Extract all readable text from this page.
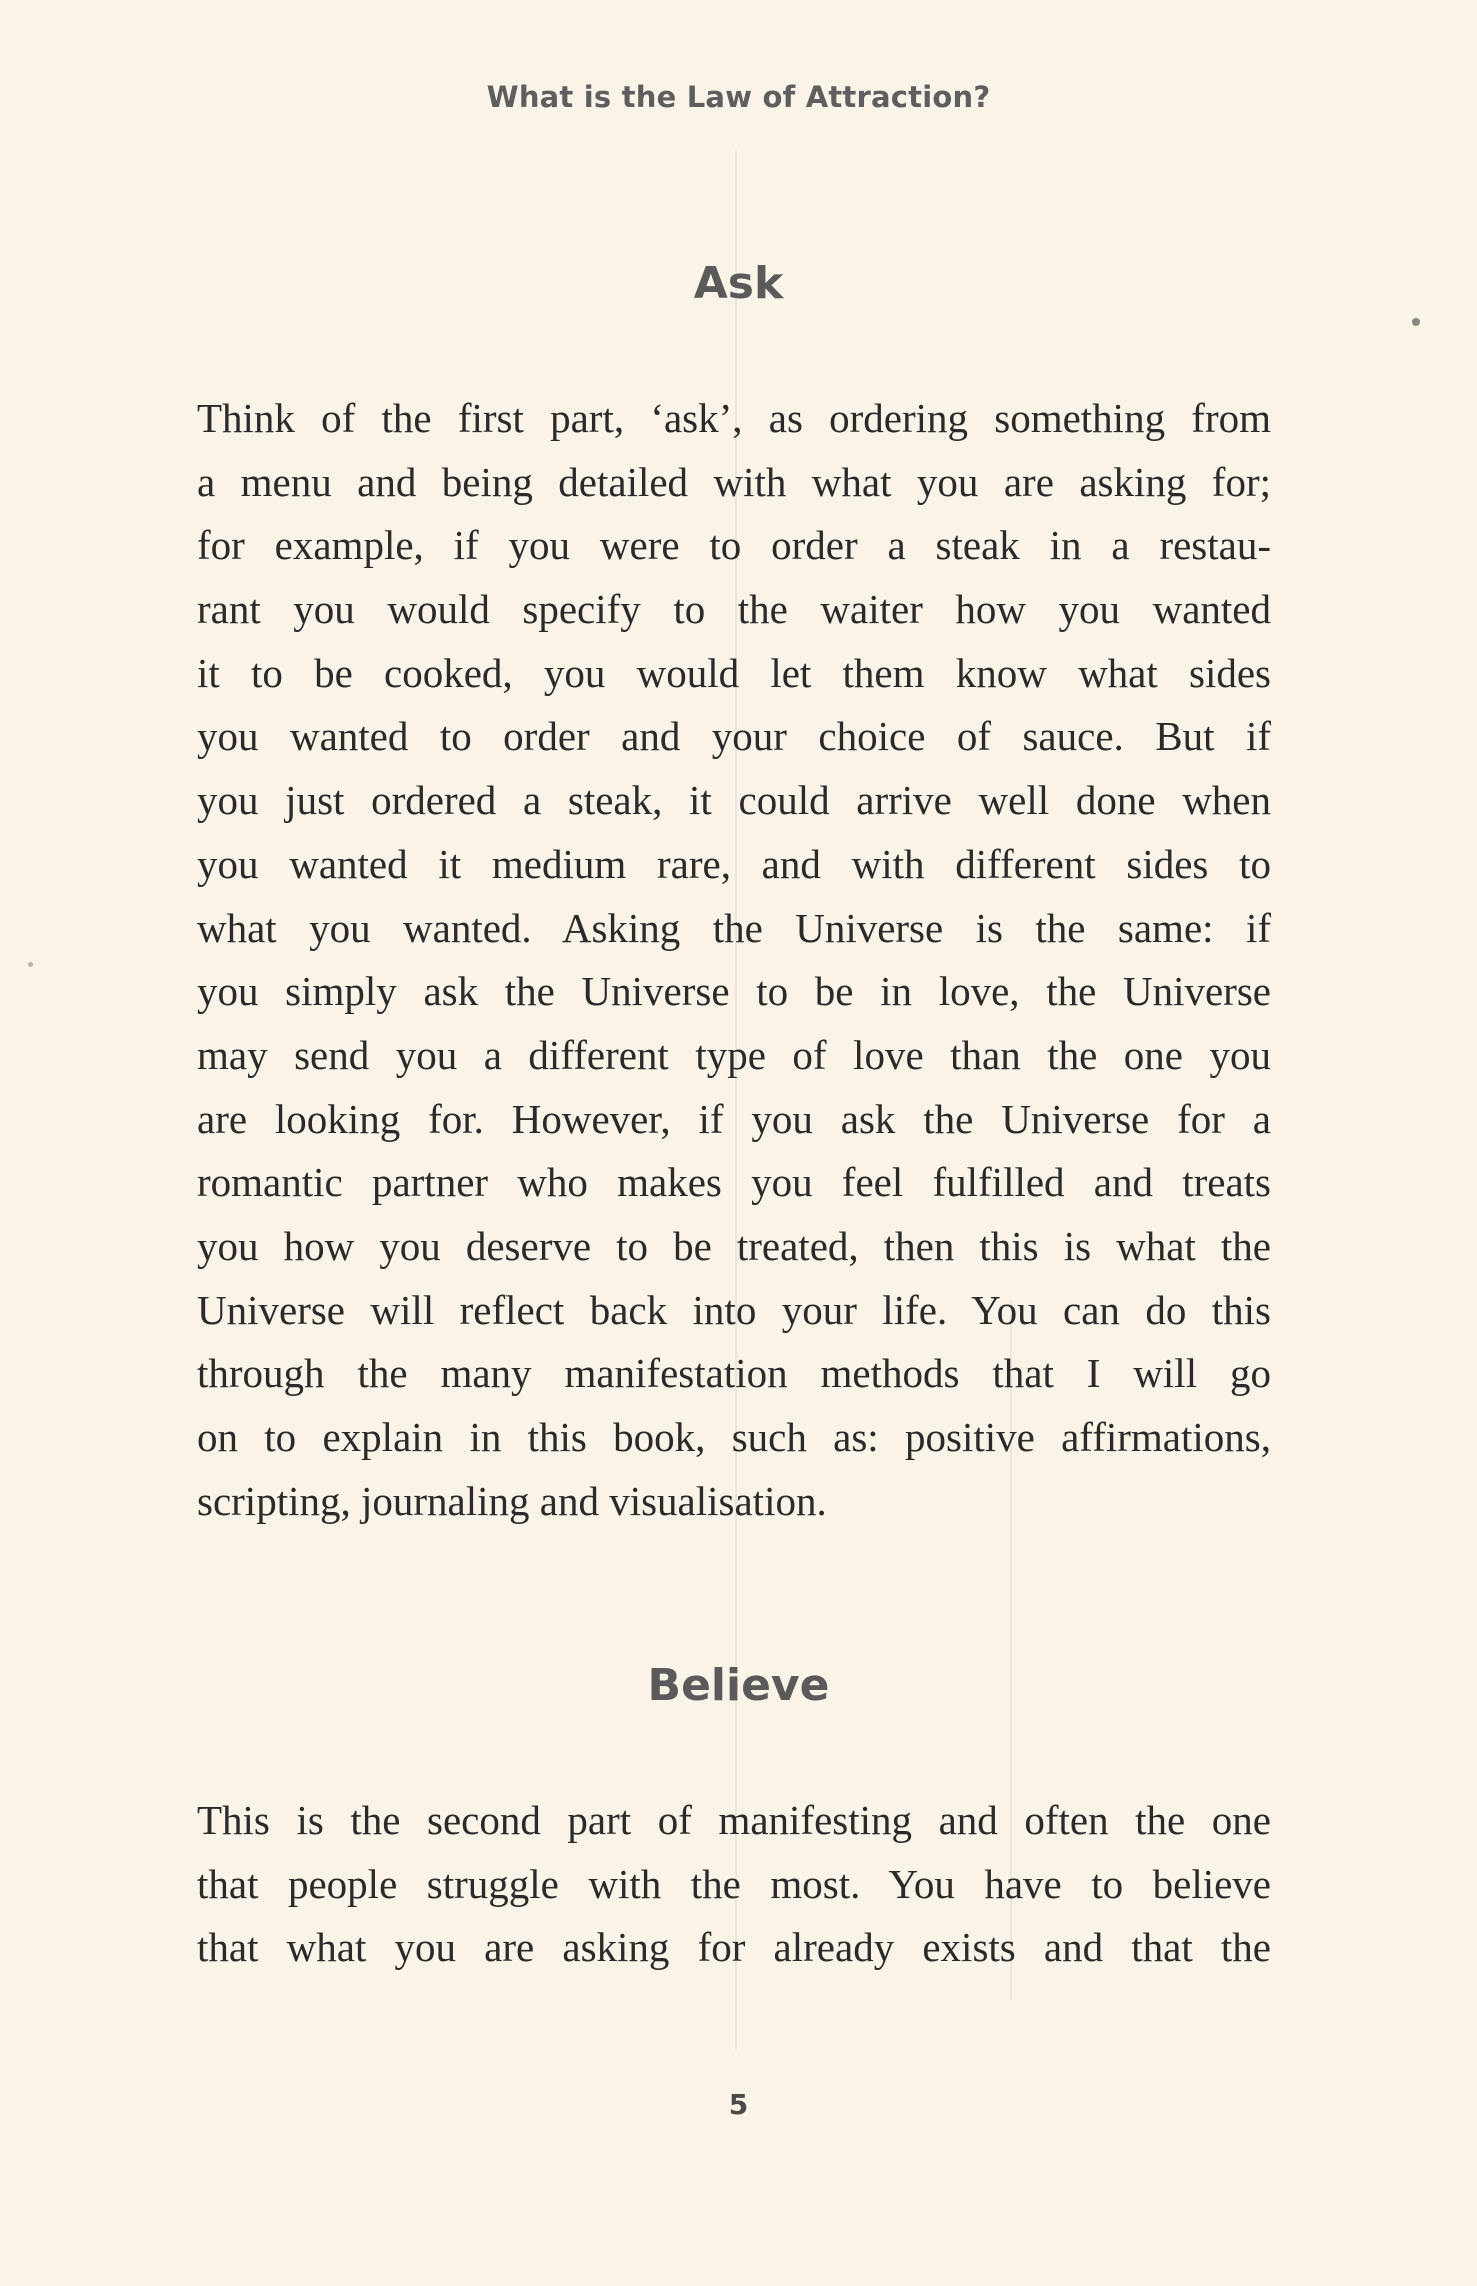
What is the Law of Attraction?
Ask
Think of the first part, ‘ask’, as ordering something from
a menu and being detailed with what you are asking for;
for example, if you were to order a steak in a restau-
rant you would specify to the waiter how you wanted
it to be cooked, you would let them know what sides
you wanted to order and your choice of sauce. But if
you just ordered a steak, it could arrive well done when
you wanted it medium rare, and with different sides to
what you wanted. Asking the Universe is the same: if
you simply ask the Universe to be in love, the Universe
may send you a different type of love than the one you
are looking for. However, if you ask the Universe for a
romantic partner who makes you feel fulfilled and treats
you how you deserve to be treated, then this is what the
Universe will reflect back into your life. You can do this
through the many manifestation methods that I will go
on to explain in this book, such as: positive affirmations,
scripting, journaling and visualisation.
Believe
This is the second part of manifesting and often the one
that people struggle with the most. You have to believe
that what you are asking for already exists and that the
5
